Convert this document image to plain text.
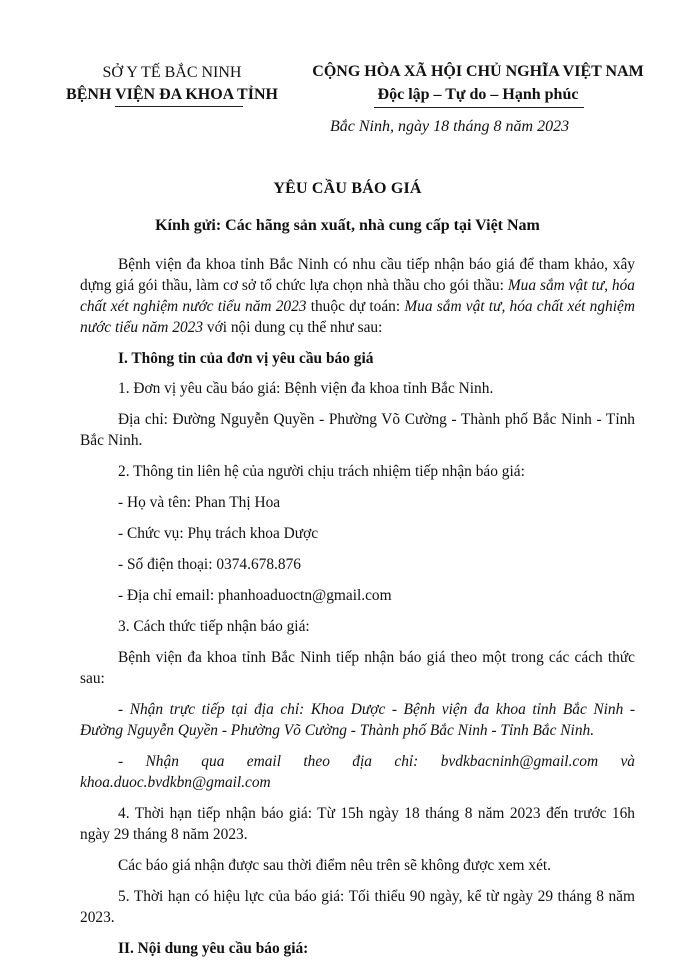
SỞ Y TẾ BẮC NINH
BỆNH VIỆN ĐA KHOA TỈNH
CỘNG HÒA XÃ HỘI CHỦ NGHĨA VIỆT NAM
Độc lập – Tự do – Hạnh phúc
Bắc Ninh, ngày 18 tháng 8 năm 2023
YÊU CẦU BÁO GIÁ
Kính gửi: Các hãng sản xuất, nhà cung cấp tại Việt Nam

Bệnh viện đa khoa tỉnh Bắc Ninh có nhu cầu tiếp nhận báo giá để tham khảo, xây dựng giá gói thầu, làm cơ sở tổ chức lựa chọn nhà thầu cho gói thầu: Mua sắm vật tư, hóa chất xét nghiệm nước tiểu năm 2023 thuộc dự toán: Mua sắm vật tư, hóa chất xét nghiệm nước tiểu năm 2023 với nội dung cụ thể như sau:

I. Thông tin của đơn vị yêu cầu báo giá

1. Đơn vị yêu cầu báo giá: Bệnh viện đa khoa tỉnh Bắc Ninh.

Địa chỉ: Đường Nguyễn Quyền - Phường Võ Cường - Thành phố Bắc Ninh - Tỉnh Bắc Ninh.

2. Thông tin liên hệ của người chịu trách nhiệm tiếp nhận báo giá:

- Họ và tên: Phan Thị Hoa

- Chức vụ: Phụ trách khoa Dược

- Số điện thoại: 0374.678.876

- Địa chỉ email: phanhoaduoctn@gmail.com

3. Cách thức tiếp nhận báo giá:

Bệnh viện đa khoa tỉnh Bắc Ninh tiếp nhận báo giá theo một trong các cách thức sau:

- Nhận trực tiếp tại địa chỉ: Khoa Dược - Bệnh viện đa khoa tỉnh Bắc Ninh - Đường Nguyễn Quyền - Phường Võ Cường - Thành phố Bắc Ninh - Tỉnh Bắc Ninh.

- Nhận qua email theo địa chỉ: bvdkbacninh@gmail.com và khoa.duoc.bvdkbn@gmail.com

4. Thời hạn tiếp nhận báo giá: Từ 15h ngày 18 tháng 8 năm 2023 đến trước 16h ngày 29 tháng 8 năm 2023.

Các báo giá nhận được sau thời điểm nêu trên sẽ không được xem xét.

5. Thời hạn có hiệu lực của báo giá: Tối thiểu 90 ngày, kể từ ngày 29 tháng 8 năm 2023.

II. Nội dung yêu cầu báo giá:
